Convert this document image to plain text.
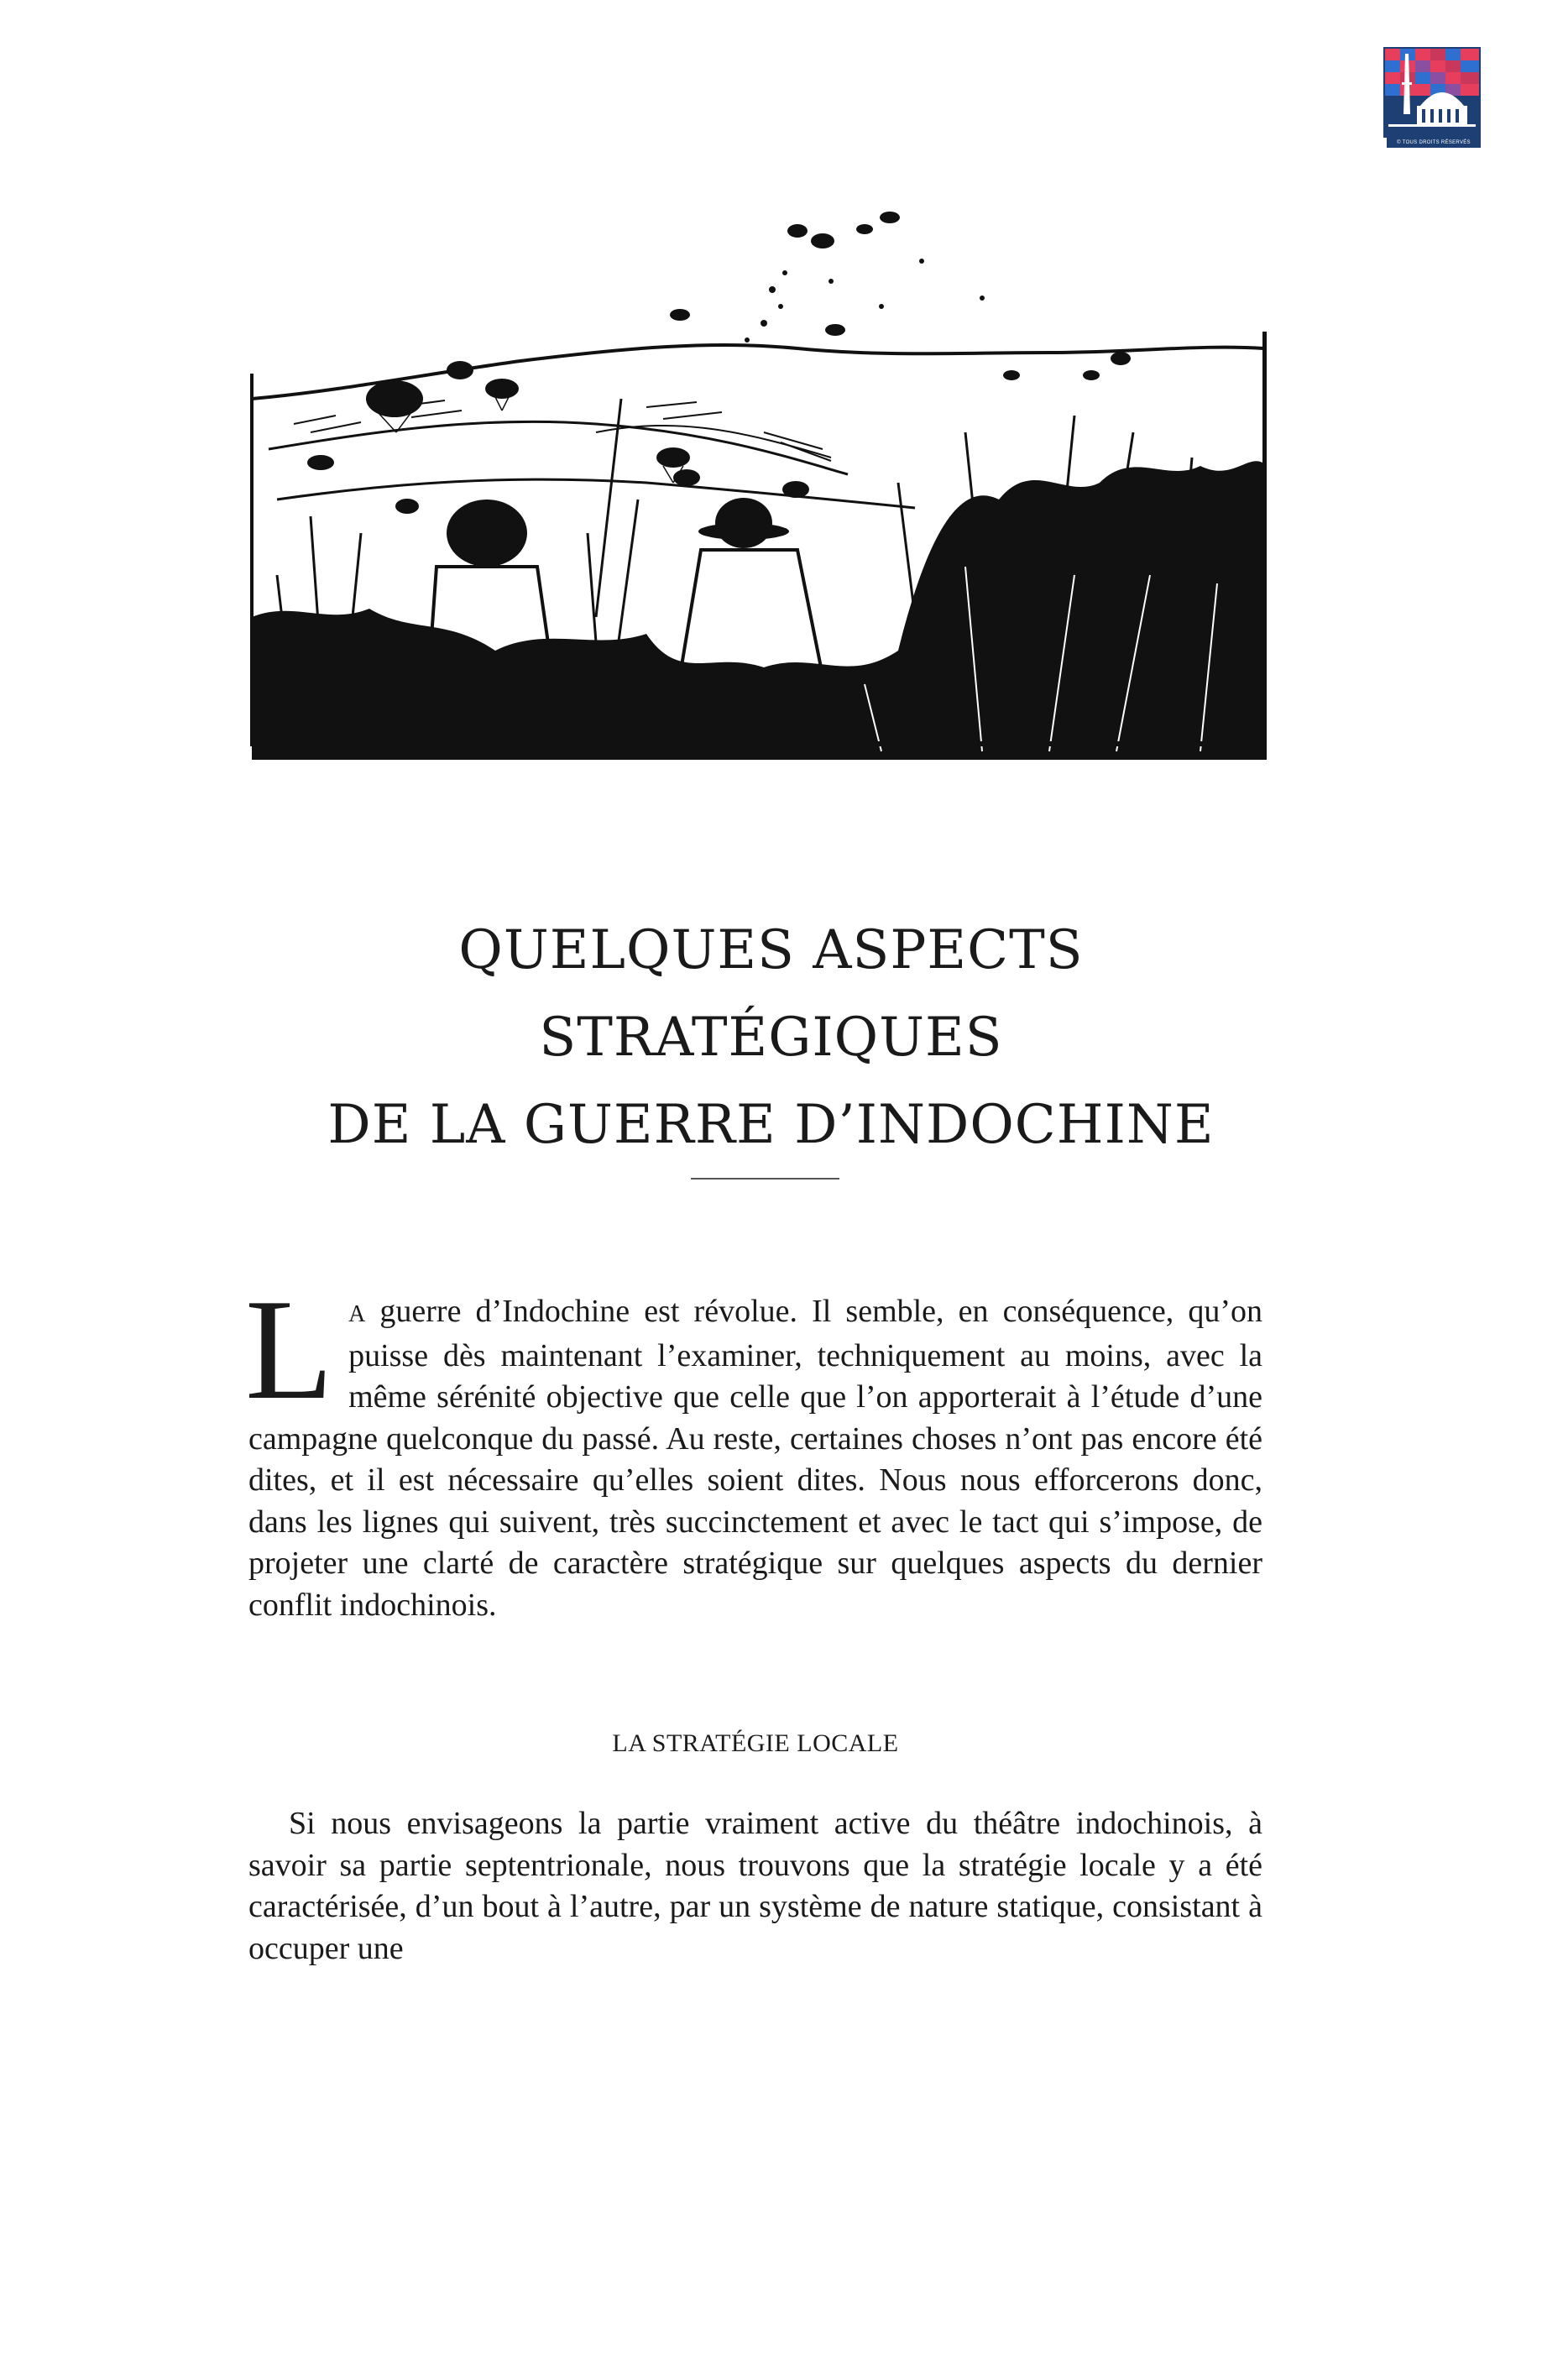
© TOUS DROITS RÉSERVÉS
QUELQUES ASPECTS
STRATÉGIQUES
DE LA GUERRE D’INDOCHINE

L A guerre d’Indochine est révolue. Il semble, en conséquence, qu’on puisse dès maintenant l’examiner, techniquement au moins, avec la même sérénité objective que celle que l’on apporterait à l’étude d’une campagne quelconque du passé. Au reste, certaines choses n’ont pas encore été dites, et il est nécessaire qu’elles soient dites. Nous nous efforcerons donc, dans les lignes qui suivent, très succinctement et avec le tact qui s’impose, de projeter une clarté de caractère stratégique sur quelques aspects du dernier conflit indochinois.

LA STRATÉGIE LOCALE

Si nous envisageons la partie vraiment active du théâtre indochinois, à savoir sa partie septentrionale, nous trouvons que la stratégie locale y a été caractérisée, d’un bout à l’autre, par un système de nature statique, consistant à occuper une
